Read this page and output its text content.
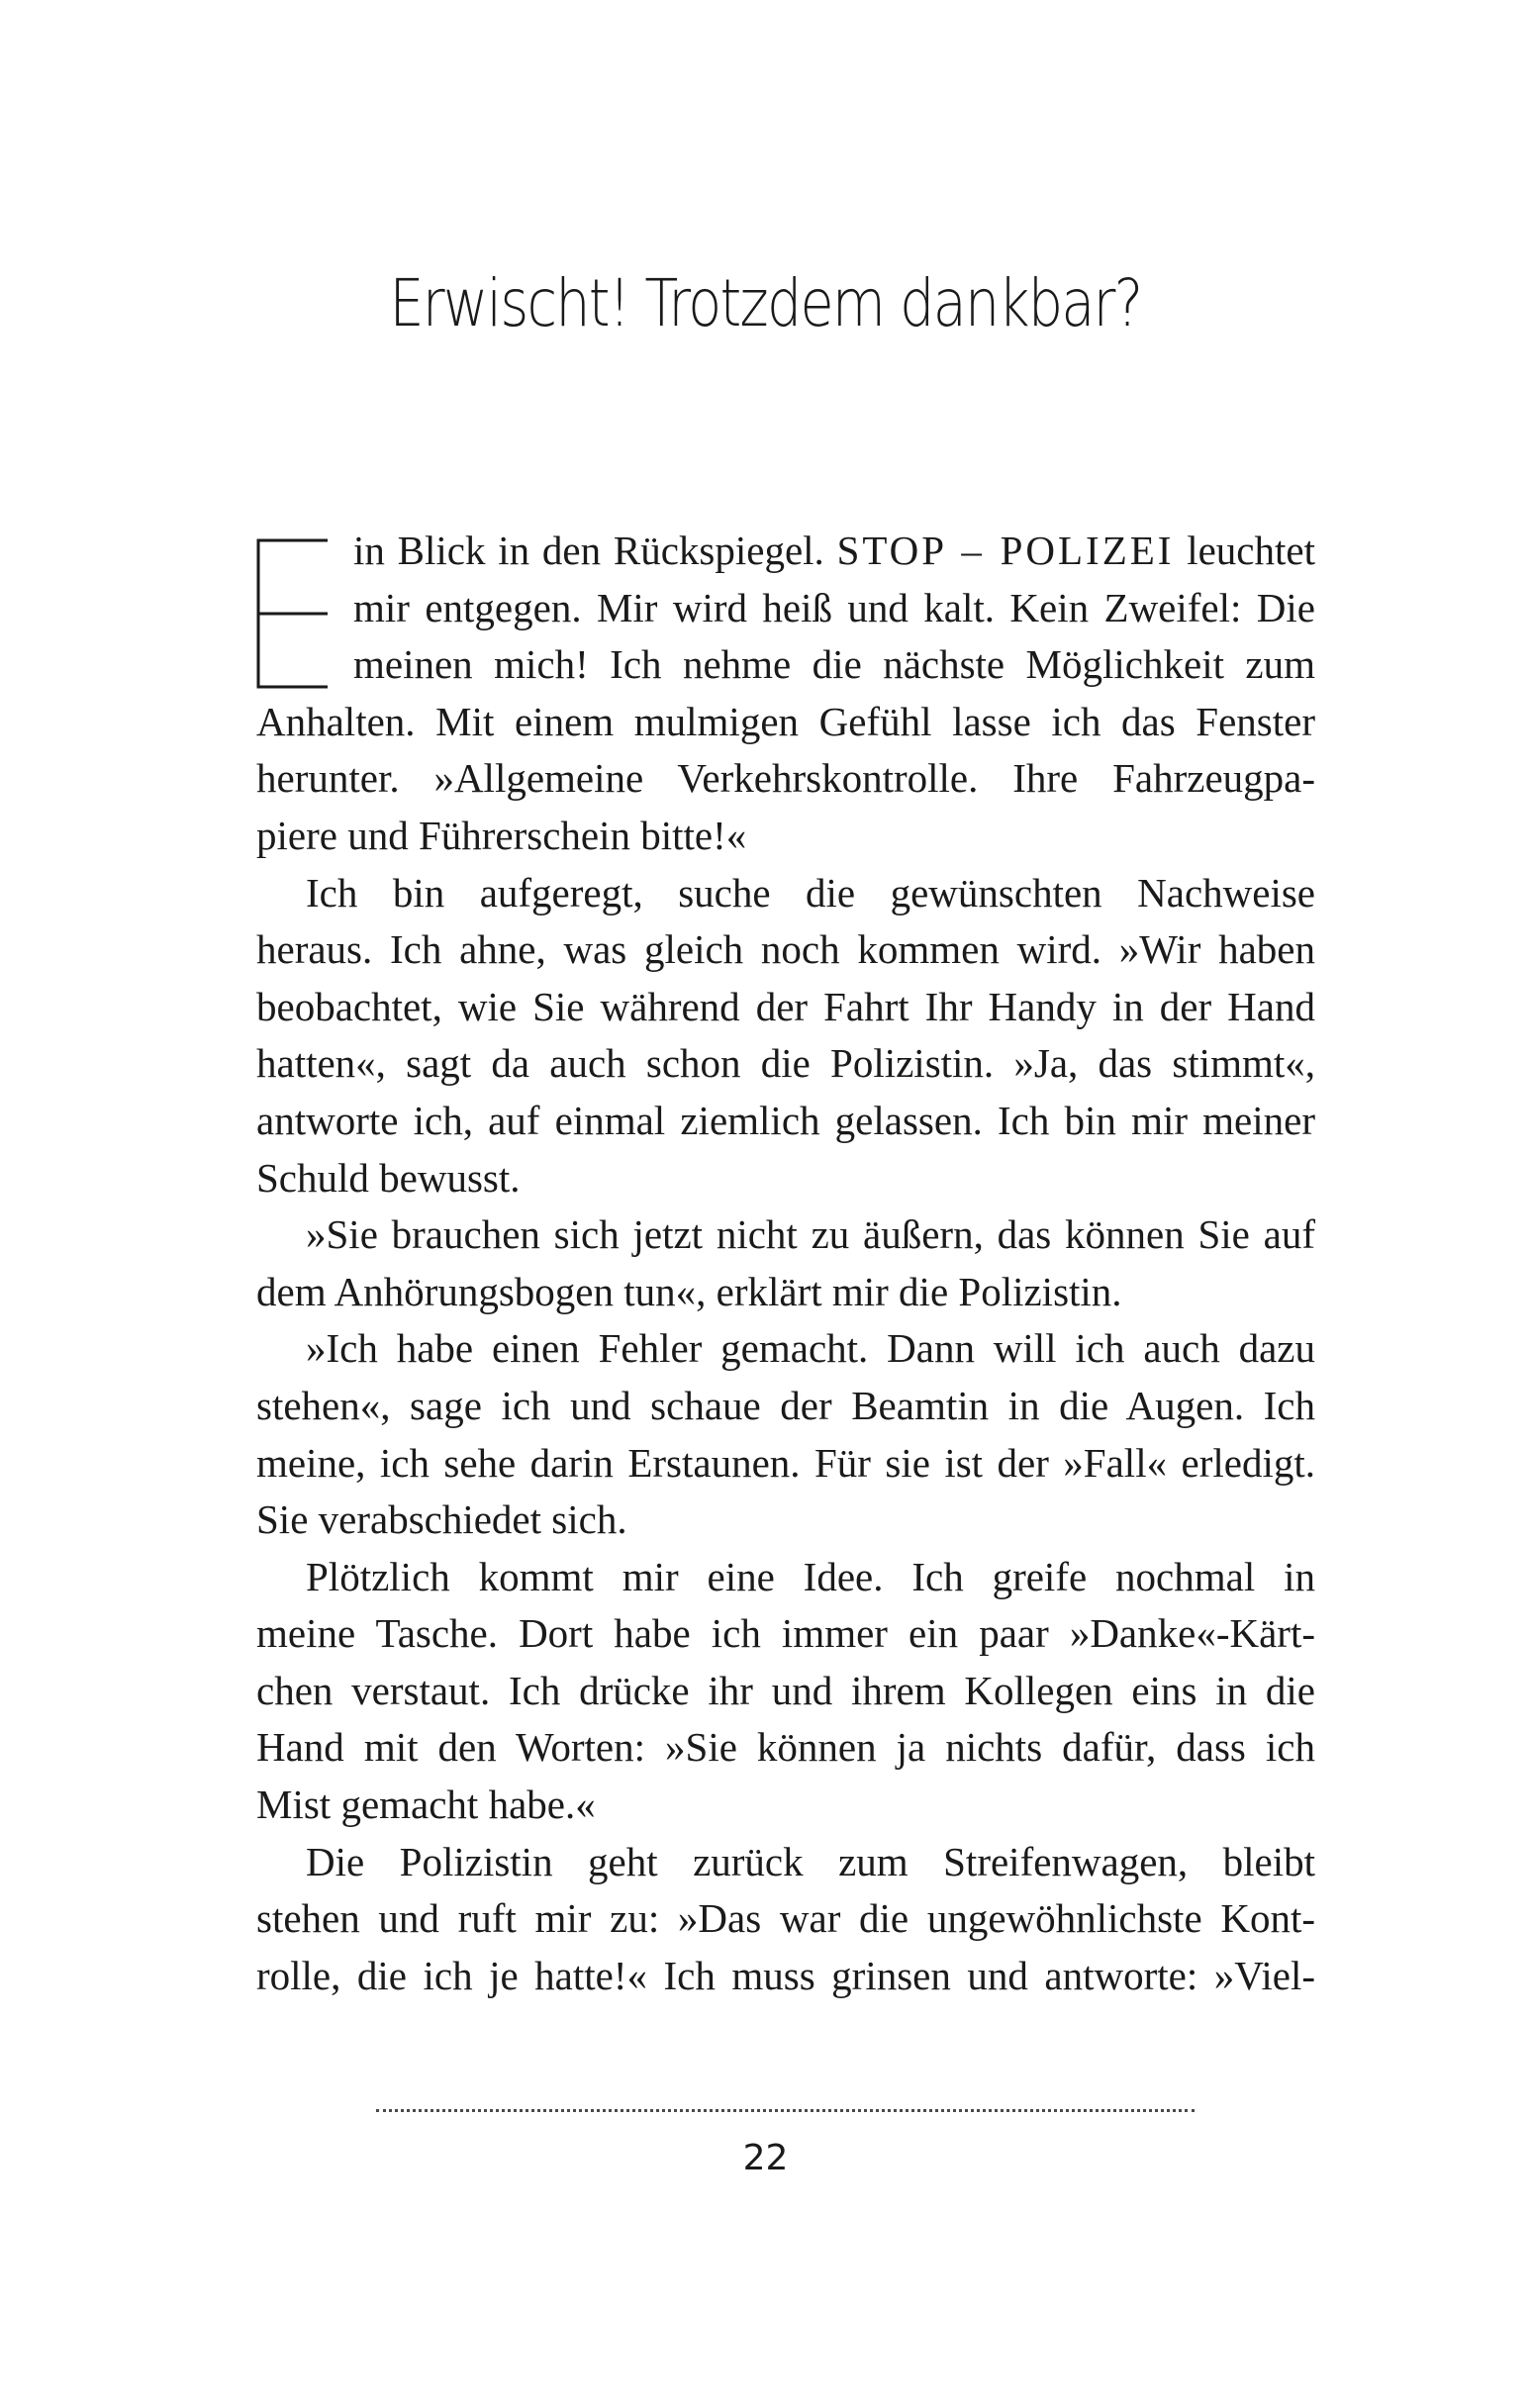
Erwischt! Trotzdem dankbar?
in Blick in den Rückspiegel. STOP – POLIZEI leuchtet
mir entgegen. Mir wird heiß und kalt. Kein Zweifel: Die
meinen mich! Ich nehme die nächste Möglichkeit zum
Anhalten. Mit einem mulmigen Gefühl lasse ich das Fenster
herunter. »Allgemeine Verkehrskontrolle. Ihre Fahrzeugpa-
piere und Führerschein bitte!«
Ich bin aufgeregt, suche die gewünschten Nachweise
heraus. Ich ahne, was gleich noch kommen wird. »Wir haben
beobachtet, wie Sie während der Fahrt Ihr Handy in der Hand
hatten«, sagt da auch schon die Polizistin. »Ja, das stimmt«,
antworte ich, auf einmal ziemlich gelassen. Ich bin mir meiner
Schuld bewusst.
»Sie brauchen sich jetzt nicht zu äußern, das können Sie auf
dem Anhörungsbogen tun«, erklärt mir die Polizistin.
»Ich habe einen Fehler gemacht. Dann will ich auch dazu
stehen«, sage ich und schaue der Beamtin in die Augen. Ich
meine, ich sehe darin Erstaunen. Für sie ist der »Fall« erledigt.
Sie verabschiedet sich.
Plötzlich kommt mir eine Idee. Ich greife nochmal in
meine Tasche. Dort habe ich immer ein paar »Danke«-Kärt-
chen verstaut. Ich drücke ihr und ihrem Kollegen eins in die
Hand mit den Worten: »Sie können ja nichts dafür, dass ich
Mist gemacht habe.«
Die Polizistin geht zurück zum Streifenwagen, bleibt
stehen und ruft mir zu: »Das war die ungewöhnlichste Kont-
rolle, die ich je hatte!« Ich muss grinsen und antworte: »Viel-
22
